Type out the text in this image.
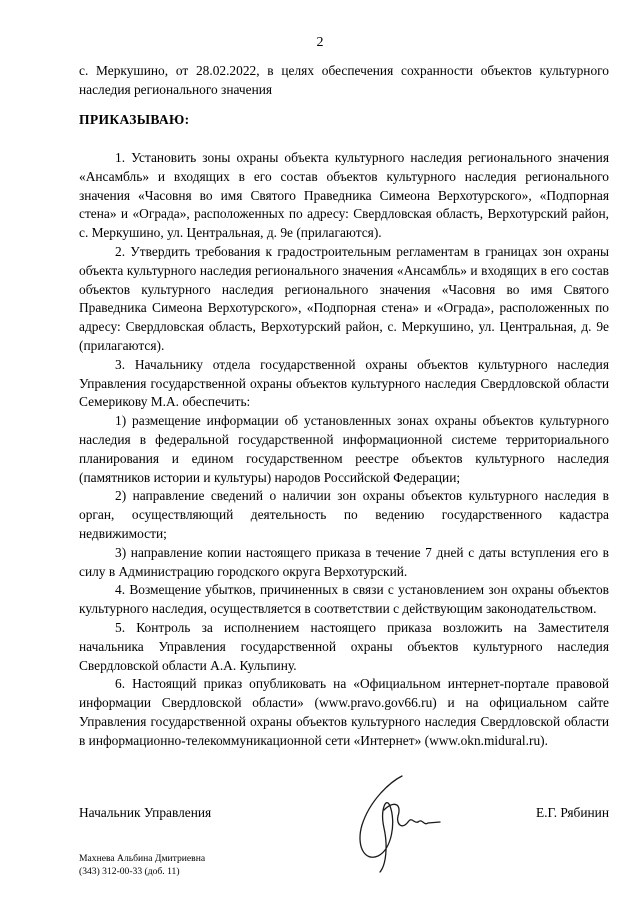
2

с. Меркушино, от 28.02.2022, в целях обеспечения сохранности объектов культурного наследия регионального значения

ПРИКАЗЫВАЮ:

1. Установить зоны охраны объекта культурного наследия регионального значения «Ансамбль» и входящих в его состав объектов культурного наследия регионального значения «Часовня во имя Святого Праведника Симеона Верхотурского», «Подпорная стена» и «Ограда», расположенных по адресу: Свердловская область, Верхотурский район, с. Меркушино, ул. Центральная, д. 9е (прилагаются).

2. Утвердить требования к градостроительным регламентам в границах зон охраны объекта культурного наследия регионального значения «Ансамбль» и входящих в его состав объектов культурного наследия регионального значения «Часовня во имя Святого Праведника Симеона Верхотурского», «Подпорная стена» и «Ограда», расположенных по адресу: Свердловская область, Верхотурский район, с. Меркушино, ул. Центральная, д. 9е (прилагаются).

3. Начальнику отдела государственной охраны объектов культурного наследия Управления государственной охраны объектов культурного наследия Свердловской области Семерикову М.А. обеспечить:

1) размещение информации об установленных зонах охраны объектов культурного наследия в федеральной государственной информационной системе территориального планирования и едином государственном реестре объектов культурного наследия (памятников истории и культуры) народов Российской Федерации;

2) направление сведений о наличии зон охраны объектов культурного наследия в орган, осуществляющий деятельность по ведению государственного кадастра недвижимости;

3) направление копии настоящего приказа в течение 7 дней с даты вступления его в силу в Администрацию городского округа Верхотурский.

4. Возмещение убытков, причиненных в связи с установлением зон охраны объектов культурного наследия, осуществляется в соответствии с действующим законодательством.

5. Контроль за исполнением настоящего приказа возложить на Заместителя начальника Управления государственной охраны объектов культурного наследия Свердловской области А.А. Кульпину.

6. Настоящий приказ опубликовать на «Официальном интернет-портале правовой информации Свердловской области» (www.pravo.gov66.ru) и на официальном сайте Управления государственной охраны объектов культурного наследия Свердловской области в информационно-телекоммуникационной сети «Интернет» (www.okn.midural.ru).

Начальник Управления	Е.Г. Рябинин
Махнева Альбина Дмитриевна
(343) 312-00-33 (доб. 11)
